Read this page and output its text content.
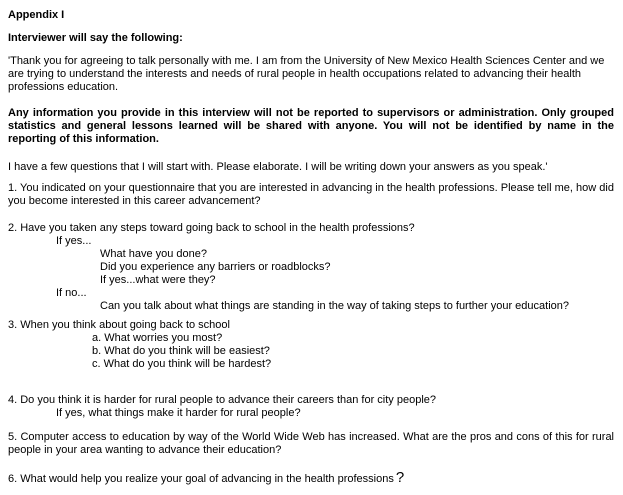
Appendix I

Interviewer will say the following:

'Thank you for agreeing to talk personally with me. I am from the University of New Mexico Health Sciences Center and we are trying to understand the interests and needs of rural people in health occupations related to advancing their health professions education.

Any information you provide in this interview will not be reported to supervisors or administration. Only grouped statistics and general lessons learned will be shared with anyone. You will not be identified by name in the reporting of this information.

I have a few questions that I will start with. Please elaborate. I will be writing down your answers as you speak.'

1. You indicated on your questionnaire that you are interested in advancing in the health professions. Please tell me, how did you become interested in this career advancement?

2. Have you taken any steps toward going back to school in the health professions?

If yes...

What have you done?

Did you experience any barriers or roadblocks?

If yes...what were they?

If no...

Can you talk about what things are standing in the way of taking steps to further your education?

3. When you think about going back to school

a. What worries you most?

b. What do you think will be easiest?

c. What do you think will be hardest?

4. Do you think it is harder for rural people to advance their careers than for city people?

If yes, what things make it harder for rural people?

5. Computer access to education by way of the World Wide Web has increased. What are the pros and cons of this for rural people in your area wanting to advance their education?

6. What would help you realize your goal of advancing in the health professions ?
